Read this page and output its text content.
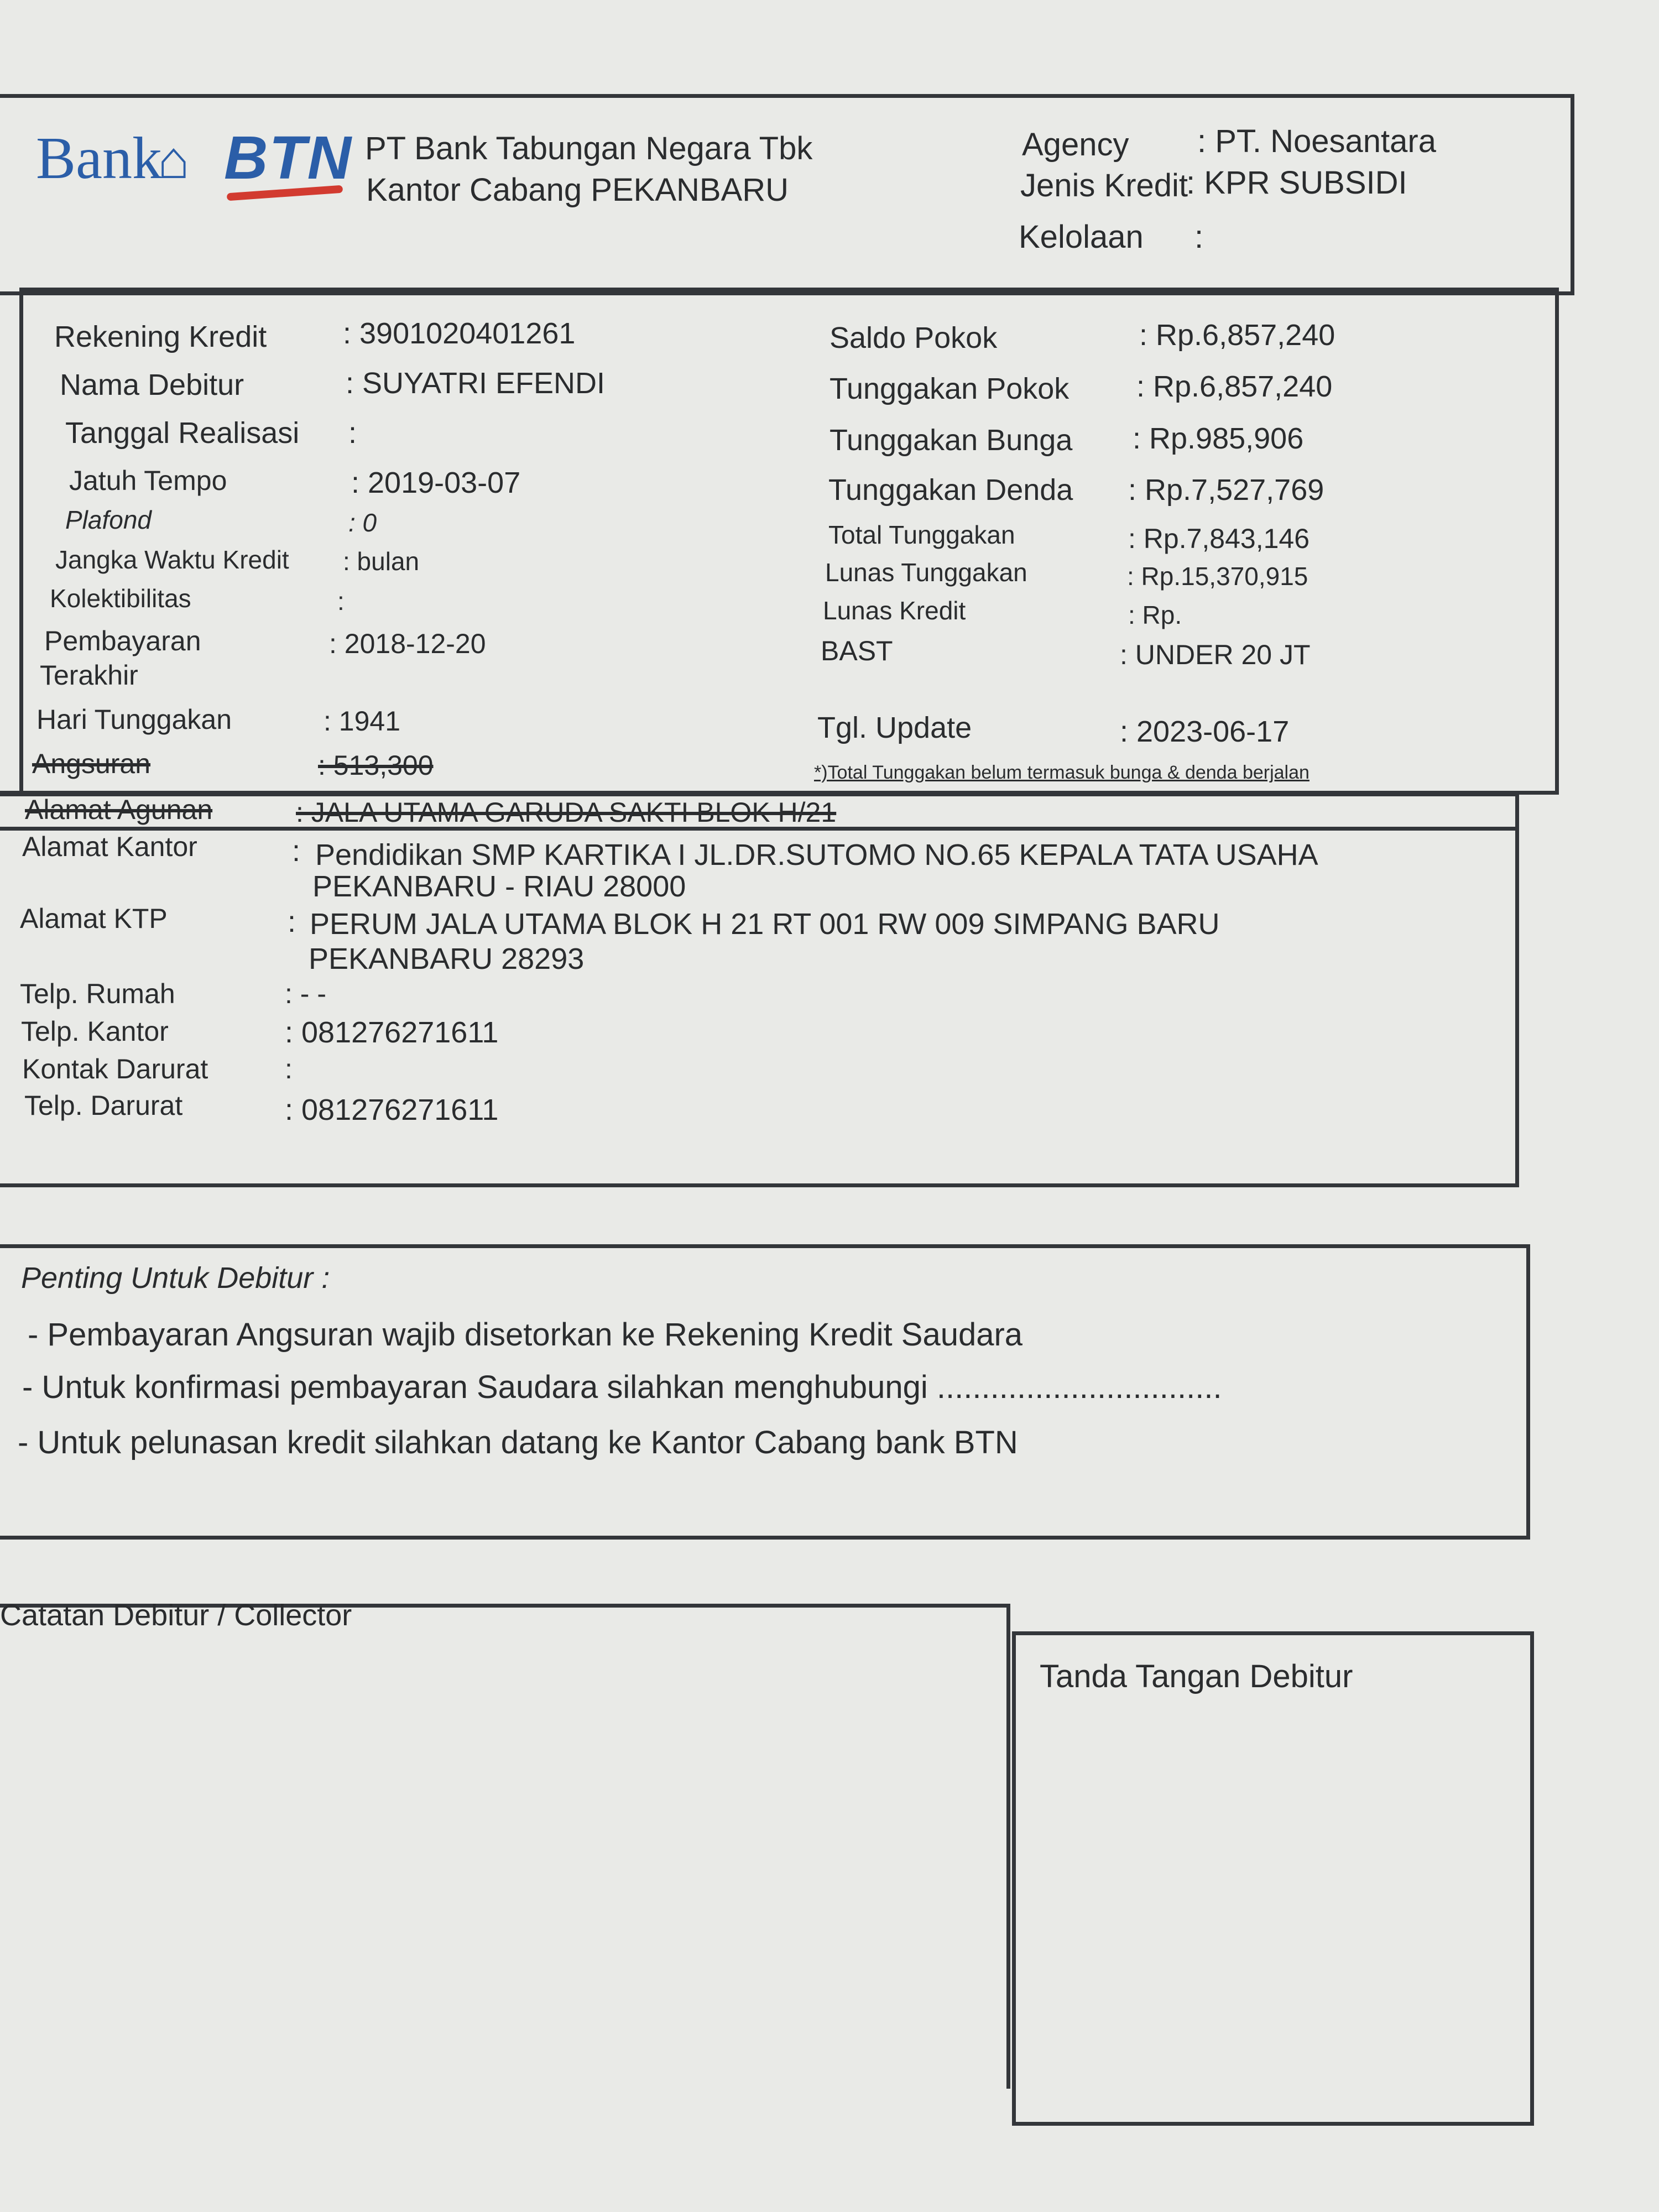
Bank
⌂ BTN PT Bank Tabungan Negara Tbk
Kantor Cabang PEKANBARU
Agency : PT. Noesantara
Jenis Kredit
: KPR SUBSIDI
Kelolaan :
Rekening Kredit	: 3901020401261
Nama Debitur	: SUYATRI EFENDI
Tanggal Realisasi :
Jatuh Tempo	: 2019-03-07
Plafond	: 0
Jangka Waktu Kredit : bulan
Kolektibilitas	:
Pembayaran	: 2018-12-20
Terakhir
Hari Tunggakan	: 1941
Angsuran	: 513,300
Saldo Pokok	: Rp.6,857,240
Tunggakan Pokok : Rp.6,857,240
Tunggakan Bunga : Rp.985,906
Tunggakan Denda : Rp.7,527,769
Total Tunggakan	: Rp.7,843,146
Lunas Tunggakan	: Rp.15,370,915
Lunas Kredit	: Rp.
BAST	: UNDER 20 JT
Tgl. Update	: 2023-06-17
*)Total Tunggakan belum termasuk bunga & denda berjalan
Alamat Agunan	: JALA UTAMA GARUDA SAKTI BLOK H/21
Alamat Kantor	: Pendidikan SMP KARTIKA I JL.DR.SUTOMO NO.65 KEPALA TATA USAHA
PEKANBARU - RIAU 28000
Alamat KTP	: PERUM JALA UTAMA BLOK H 21 RT 001 RW 009 SIMPANG BARU
PEKANBARU 28293
Telp. Rumah	: - -
Telp. Kantor	: 081276271611
Kontak Darurat	:
Telp. Darurat	: 081276271611
Penting Untuk Debitur :
- Pembayaran Angsuran wajib disetorkan ke Rekening Kredit Saudara
- Untuk konfirmasi pembayaran Saudara silahkan menghubungi ................................
- Untuk pelunasan kredit silahkan datang ke Kantor Cabang bank BTN
Catatan Debitur / Collector
Tanda Tangan Debitur
